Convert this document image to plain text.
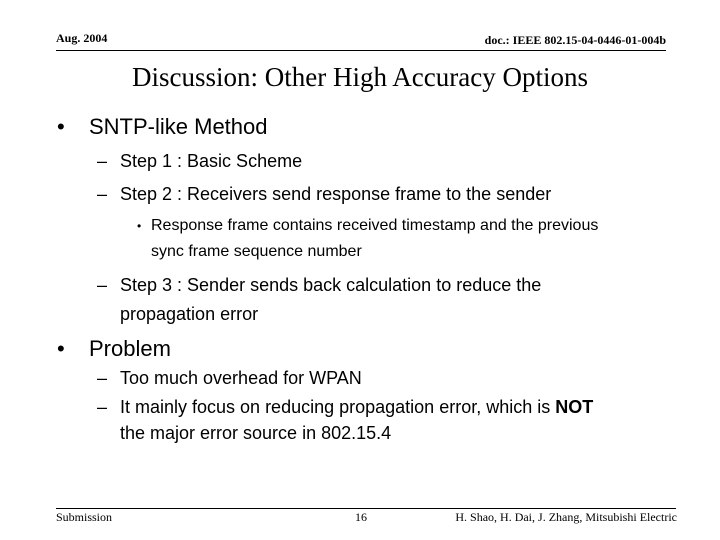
Aug. 2004	doc.: IEEE 802.15-04-0446-01-004b
Discussion: Other High Accuracy Options
• SNTP-like Method
– Step 1 : Basic Scheme
– Step 2 : Receivers send response frame to the sender
• Response frame contains received timestamp and the previous
sync frame sequence number
– Step 3 : Sender sends back calculation to reduce the
propagation error
• Problem
– Too much overhead for WPAN
– It mainly focus on reducing propagation error, which is NOT
the major error source in 802.15.4
Submission	16	H. Shao, H. Dai, J. Zhang, Mitsubishi Electric
